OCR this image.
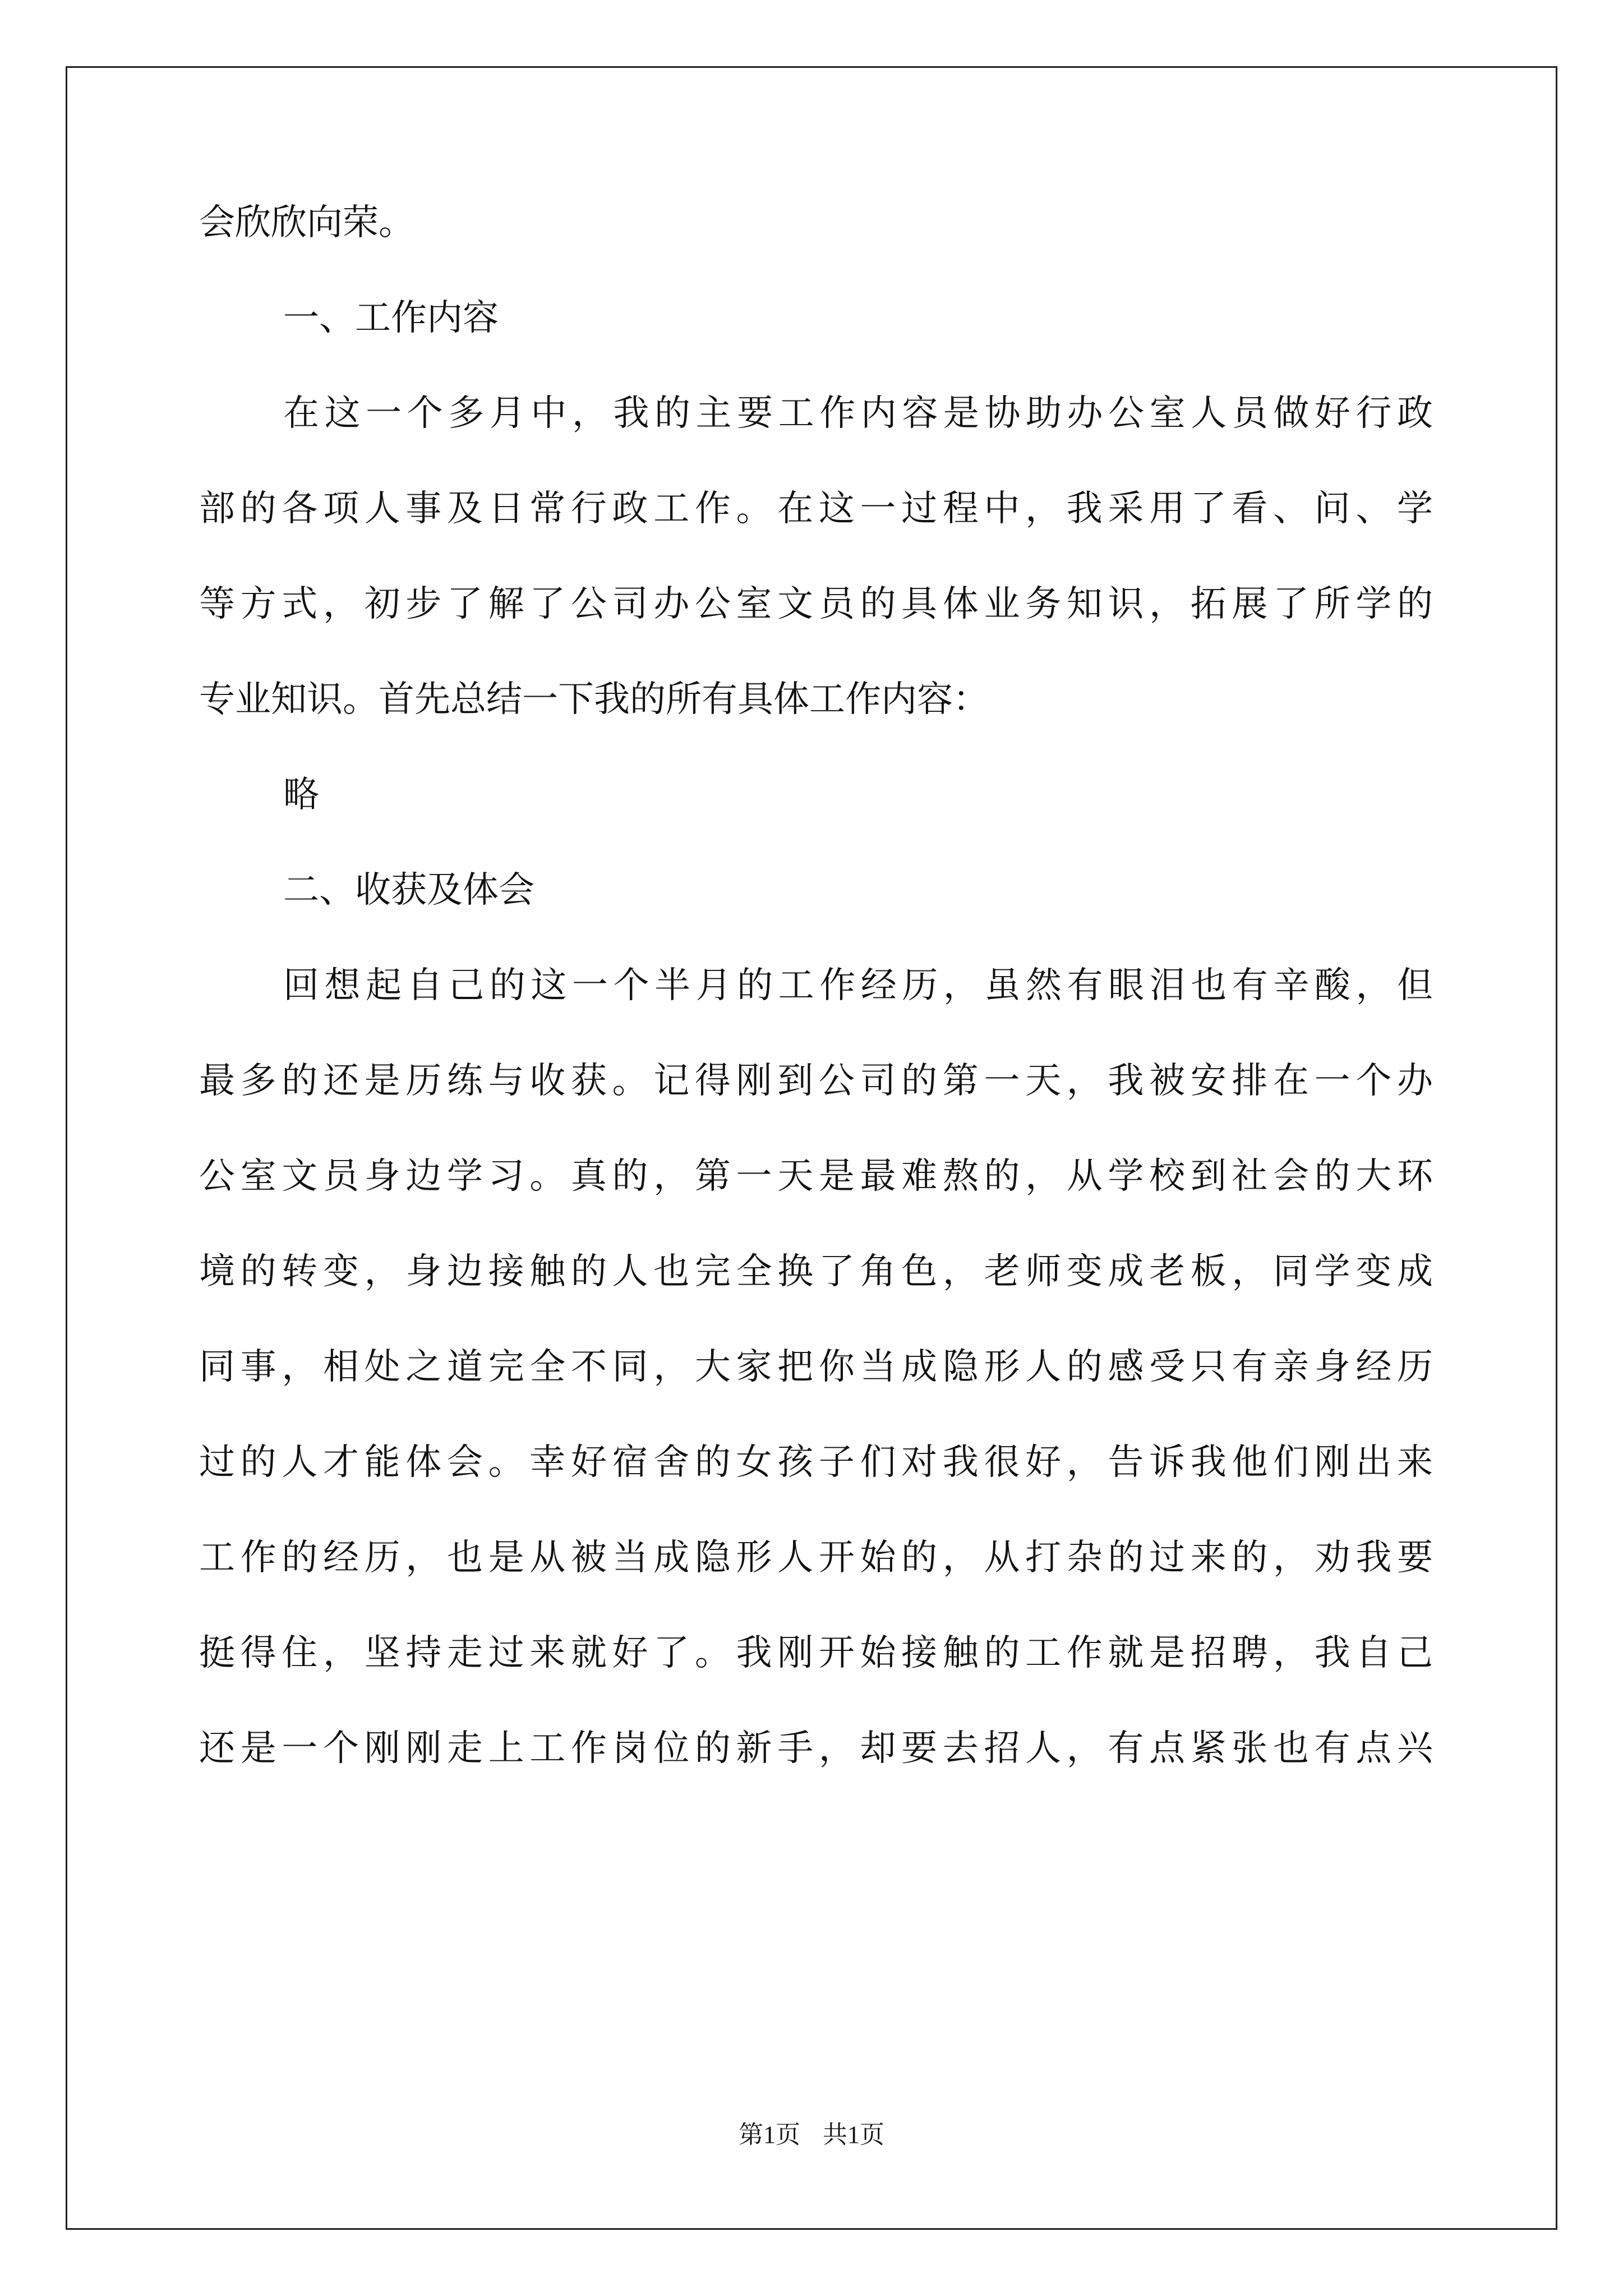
会欣欣向荣。
一、工作内容
在这一个多月中，我的主要工作内容是协助办公室人员做好行政
部的各项人事及日常行政工作。在这一过程中，我采用了看、问、学
等方式，初步了解了公司办公室文员的具体业务知识，拓展了所学的
专业知识。首先总结一下我的所有具体工作内容：
略
二、收获及体会
回想起自己的这一个半月的工作经历，虽然有眼泪也有辛酸，但
最多的还是历练与收获。记得刚到公司的第一天，我被安排在一个办
公室文员身边学习。真的，第一天是最难熬的，从学校到社会的大环
境的转变，身边接触的人也完全换了角色，老师变成老板，同学变成
同事，相处之道完全不同，大家把你当成隐形人的感受只有亲身经历
过的人才能体会。幸好宿舍的女孩子们对我很好，告诉我他们刚出来
工作的经历，也是从被当成隐形人开始的，从打杂的过来的，劝我要
挺得住，坚持走过来就好了。我刚开始接触的工作就是招聘，我自己
还是一个刚刚走上工作岗位的新手，却要去招人，有点紧张也有点兴
第1页 共1页
